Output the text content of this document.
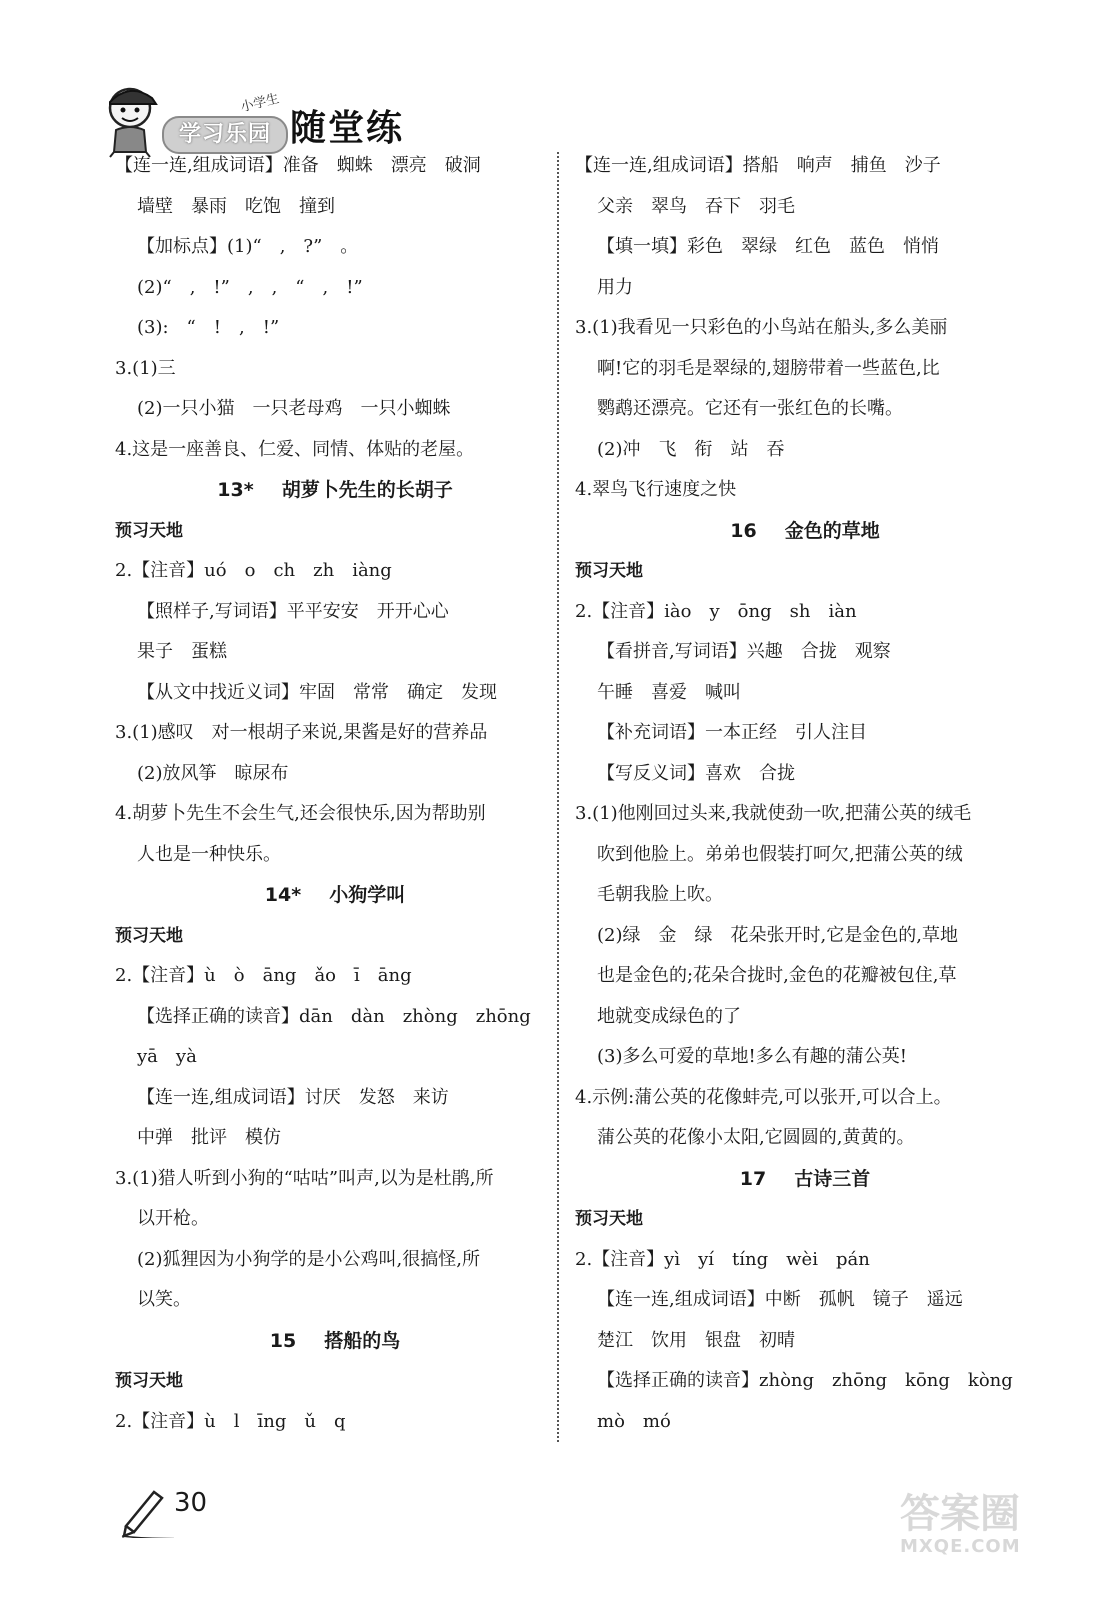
小学生
学习乐园 随堂练
【连一连,组成词语】准备　蜘蛛　漂亮　破洞
墙壁　暴雨　吃饱　撞到
【加标点】(1)“　,　?”　。
(2)“　,　!”　,　,　“　,　!”
(3):　“　!　,　!”
3.(1)三
(2)一只小猫　一只老母鸡　一只小蜘蛛
4.这是一座善良、仁爱、同情、体贴的老屋。
13* 胡萝卜先生的长胡子
预习天地
2.【注音】uó　o　ch　zh　iàng
【照样子,写词语】平平安安　开开心心
果子　蛋糕
【从文中找近义词】牢固　常常　确定　发现
3.(1)感叹　对一根胡子来说,果酱是好的营养品
(2)放风筝　晾尿布
4.胡萝卜先生不会生气,还会很快乐,因为帮助别
人也是一种快乐。
14* 小狗学叫
预习天地
2.【注音】ù　ò　āng　ǎo　ī　āng
【选择正确的读音】dān　dàn　zhòng　zhōng
yā　yà
【连一连,组成词语】讨厌　发怒　来访
中弹　批评　模仿
3.(1)猎人听到小狗的“咕咕”叫声,以为是杜鹃,所
以开枪。
(2)狐狸因为小狗学的是小公鸡叫,很搞怪,所
以笑。
15 搭船的鸟
预习天地
2.【注音】ù　l　īng　ǔ　q
【连一连,组成词语】搭船　响声　捕鱼　沙子
父亲　翠鸟　吞下　羽毛
【填一填】彩色　翠绿　红色　蓝色　悄悄
用力
3.(1)我看见一只彩色的小鸟站在船头,多么美丽
啊!它的羽毛是翠绿的,翅膀带着一些蓝色,比
鹦鹉还漂亮。它还有一张红色的长嘴。
(2)冲　飞　衔　站　吞
4.翠鸟飞行速度之快
16 金色的草地
预习天地
2.【注音】iào　y　ōng　sh　iàn
【看拼音,写词语】兴趣　合拢　观察
午睡　喜爱　喊叫
【补充词语】一本正经　引人注目
【写反义词】喜欢　合拢
3.(1)他刚回过头来,我就使劲一吹,把蒲公英的绒毛
吹到他脸上。弟弟也假装打呵欠,把蒲公英的绒
毛朝我脸上吹。
(2)绿　金　绿　花朵张开时,它是金色的,草地
也是金色的;花朵合拢时,金色的花瓣被包住,草
地就变成绿色的了
(3)多么可爱的草地!多么有趣的蒲公英!
4.示例:蒲公英的花像蚌壳,可以张开,可以合上。
蒲公英的花像小太阳,它圆圆的,黄黄的。
17 古诗三首
预习天地
2.【注音】yì　yí　tíng　wèi　pán
【连一连,组成词语】中断　孤帆　镜子　遥远
楚江　饮用　银盘　初晴
【选择正确的读音】zhòng　zhōng　kōng　kòng
mò　mó
30	答案圈
MXQE.COM
